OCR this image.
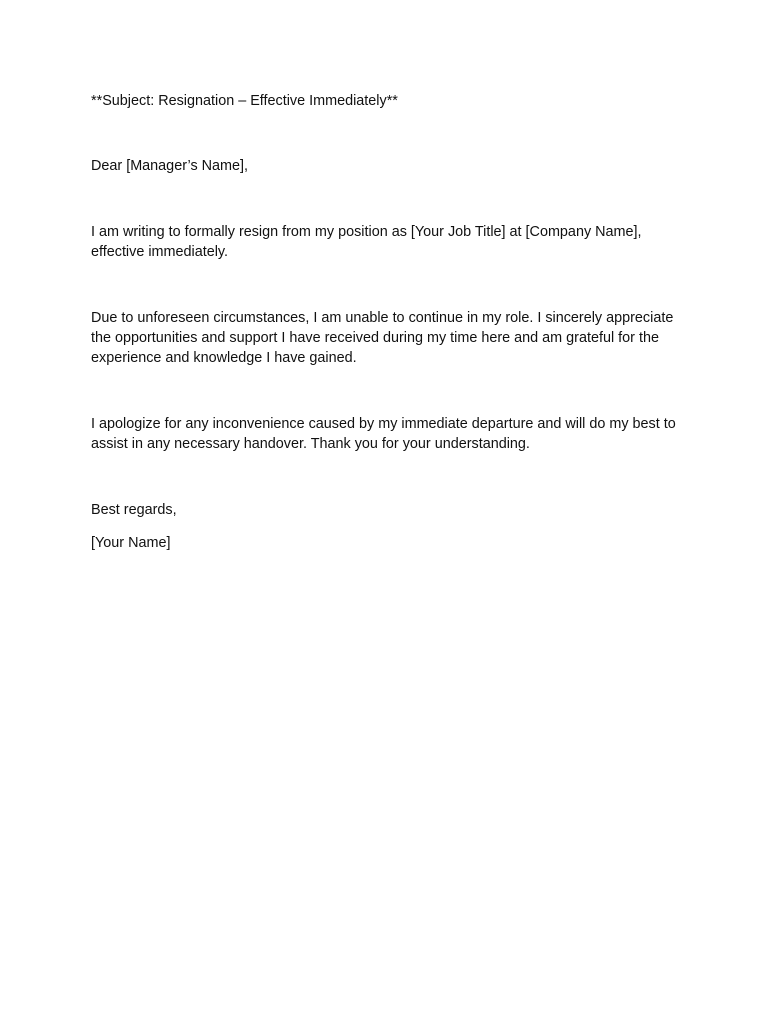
**Subject: Resignation – Effective Immediately**

Dear [Manager’s Name],

I am writing to formally resign from my position as [Your Job Title] at [Company Name],

effective immediately.

Due to unforeseen circumstances, I am unable to continue in my role. I sincerely appreciate

the opportunities and support I have received during my time here and am grateful for the

experience and knowledge I have gained.

I apologize for any inconvenience caused by my immediate departure and will do my best to

assist in any necessary handover. Thank you for your understanding.

Best regards,

[Your Name]
